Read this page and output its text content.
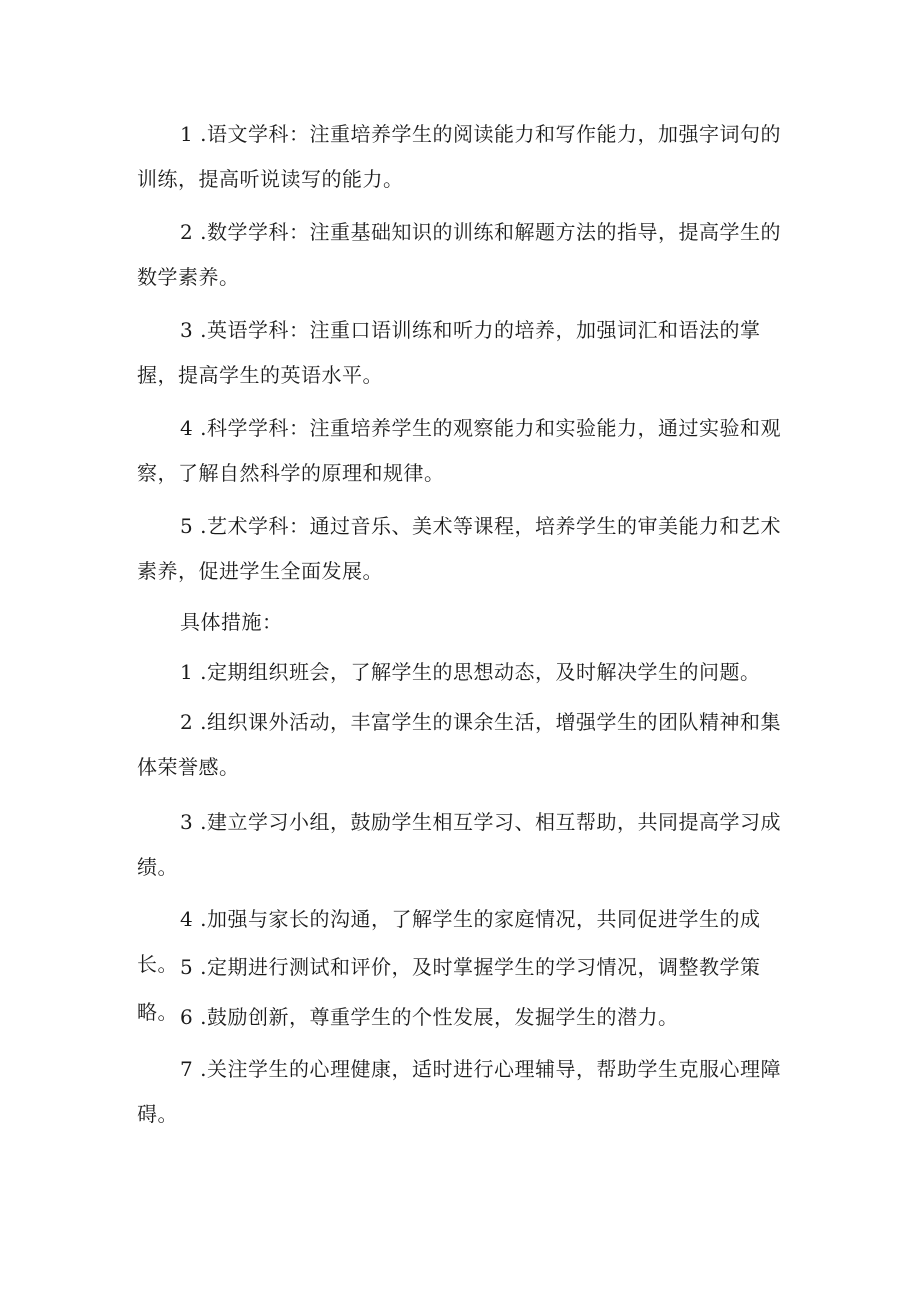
1 .语文学科：注重培养学生的阅读能力和写作能力，加强字词句的训练，提高听说读写的能力。

2 .数学学科：注重基础知识的训练和解题方法的指导，提高学生的数学素养。

3 .英语学科：注重口语训练和听力的培养，加强词汇和语法的掌握，提高学生的英语水平。

4 .科学学科：注重培养学生的观察能力和实验能力，通过实验和观察，了解自然科学的原理和规律。

5 .艺术学科：通过音乐、美术等课程，培养学生的审美能力和艺术素养，促进学生全面发展。

具体措施：

1 .定期组织班会，了解学生的思想动态，及时解决学生的问题。

2 .组织课外活动，丰富学生的课余生活，增强学生的团队精神和集体荣誉感。

3 .建立学习小组，鼓励学生相互学习、相互帮助，共同提高学习成绩。

4 .加强与家长的沟通，了解学生的家庭情况，共同促进学生的成长。 5 .定期进行测试和评价，及时掌握学生的学习情况，调整教学策略。 6 .鼓励创新，尊重学生的个性发展，发掘学生的潜力。

7 .关注学生的心理健康，适时进行心理辅导，帮助学生克服心理障碍。
